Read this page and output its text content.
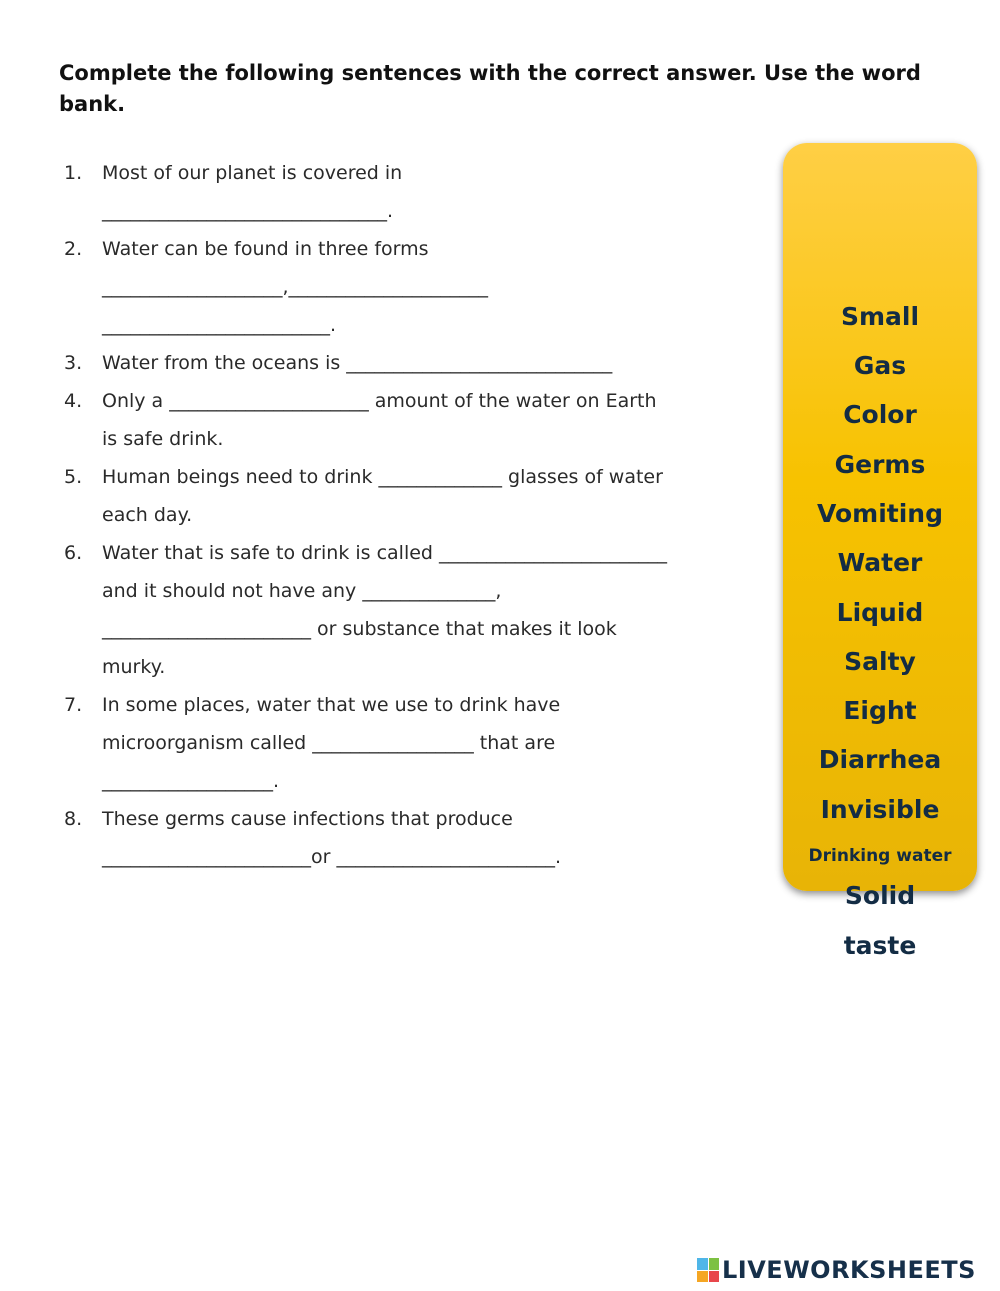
Complete the following sentences with the correct answer. Use the word bank.
1.	Most of our planet is covered in
______________________________.
2.	Water can be found in three forms
___________________,_____________________
________________________.
3.	Water from the oceans is ____________________________
4.	Only a _____________________ amount of the water on Earth
is safe drink.
5.	Human beings need to drink _____________ glasses of water
each day.
6.	Water that is safe to drink is called ________________________
and it should not have any ______________,
______________________ or substance that makes it look
murky.
7.	In some places, water that we use to drink have
microorganism called _________________ that are
__________________.
8.	These germs cause infections that produce
______________________or _______________________.
Small
Gas
Color
Germs
Vomiting
Water
Liquid
Salty
Eight
Diarrhea
Invisible
Drinking water
Solid
taste
LIVEWORKSHEETS
